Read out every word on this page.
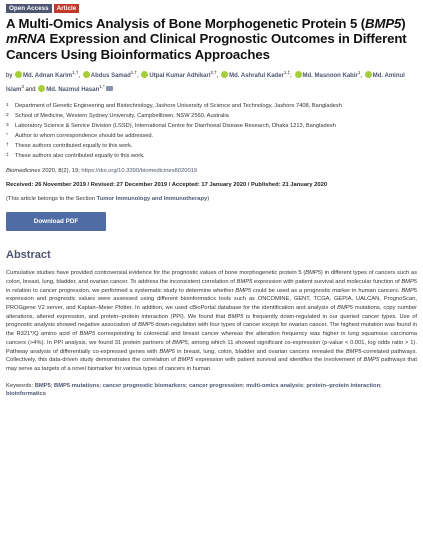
Open Access	Article
A Multi-Omics Analysis of Bone Morphogenetic Protein 5 (BMP5) mRNA Expression and Clinical Prognostic Outcomes in Different Cancers Using Bioinformatics Approaches
by Md. Adnan Karim$^{1,\dagger}$, Abdus Samad$^{1,\dagger}$, Utpal Kumar Adhikari$^{2,\dagger}$, Md. Ashraful Kader$^{1,\ddagger}$, Md. Masnoon Kabir$^1$, Md. Aminul Islam$^3$ and Md. Nazmul Hasan$^{1,*}$
1	Department of Genetic Engineering and Biotechnology, Jashore University of Science and Technology, Jashore 7408, Bangladesh
2	School of Medicine, Western Sydney University, Campbelltown, NSW 2560, Australia
3	Laboratory Science & Service Division (LSSD), International Centre for Diarrhoeal Disease Research, Dhaka 1213, Bangladesh
*	Author to whom correspondence should be addressed.
†	These authors contributed equally to this work.
‡	These authors also contributed equally to this work.
Biomedicines 2020, 8(2), 19; https://doi.org/10.3390/biomedicines8020019
Received: 26 November 2019 / Revised: 27 December 2019 / Accepted: 17 January 2020 / Published: 21 January 2020
(This article belongs to the Section Tumor Immunology and Immunotherapy)
Download PDF
Abstract
Cumulative studies have provided controversial evidence for the prognostic values of bone morphogenetic protein 5 (BMP5) in different types of cancers such as colon, breast, lung, bladder, and ovarian cancer. To address the inconsistent correlation of BMP5 expression with patient survival and molecular function of BMP5 in relation to cancer progression, we performed a systematic study to determine whether BMP5 could be used as a prognostic marker in human cancers. BMP5 expression and prognostic values were assessed using different bioinformatics tools such as ONCOMINE, GENT, TCGA, GEPIA, UALCAN, PrognoScan, PROGgene V2 server, and Kaplan–Meier Plotter. In addition, we used cBioPortal database for the identification and analysis of BMP5 mutations, copy number alterations, altered expression, and protein–protein interaction (PPI). We found that BMP5 is frequently down-regulated in our queried cancer types. Use of prognostic analysis showed negative association of BMP5 down-regulation with four types of cancer except for ovarian cancer. The highest mutation was found in the R321*/Q amino acid of BMP5 corresponding to colorectal and breast cancer whereas the alteration frequency was higher in lung squamous carcinoma cancers (>4%). In PPI analysis, we found 31 protein partners of BMP5, among which 11 showed significant co-expression (p-value < 0.001, log odds ratio > 1). Pathway analysis of differentially co-expressed genes with BMP5 in breast, lung, colon, bladder and ovarian cancers revealed the BMP5-correlated pathways. Collectively, this data-driven study demonstrates the correlation of BMP5 expression with patient survival and identifies the involvement of BMP5 pathways that may serve as targets of a novel biomarker for various types of cancers in human.
Keywords: BMP5; BMP5 mutations; cancer prognostic biomarkers; cancer progression; multi-omics analysis; protein–protein interaction; bioinformatics
